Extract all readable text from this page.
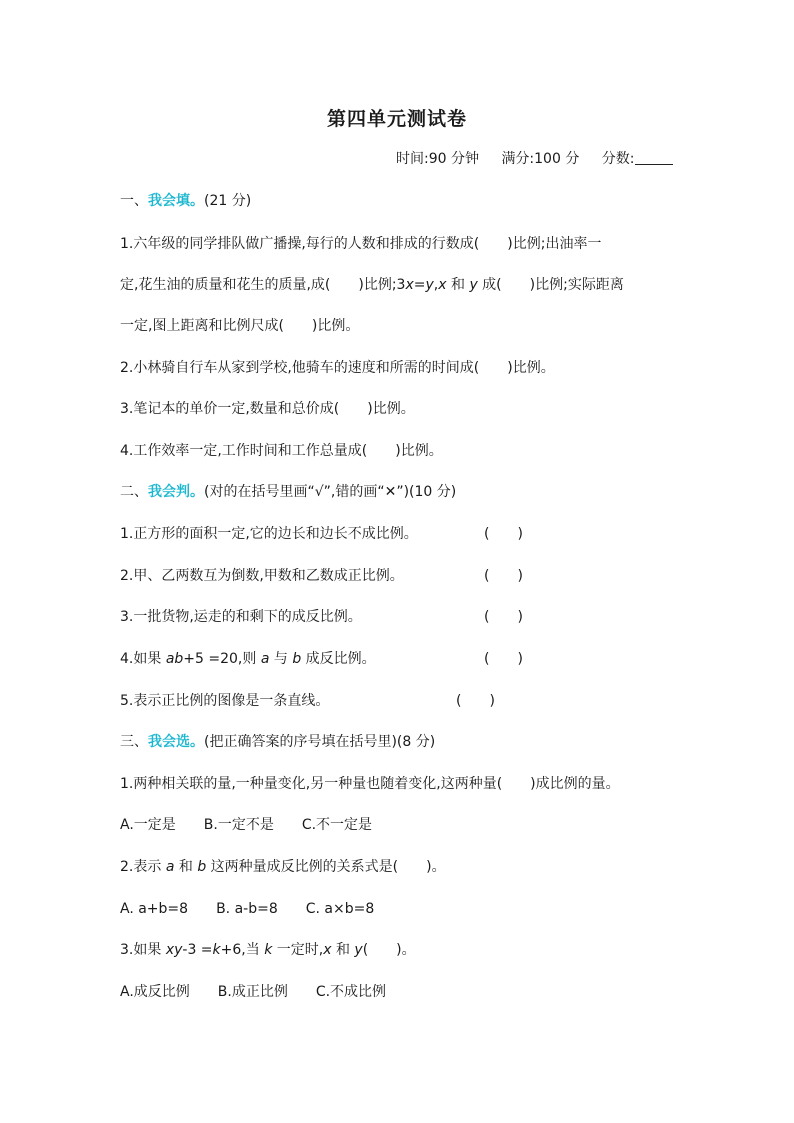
第四单元测试卷
时间:90 分钟 满分:100 分 分数:
一、我会填。(21 分)
1.六年级的同学排队做广播操,每行的人数和排成的行数成(　　)比例;出油率一
定,花生油的质量和花生的质量,成(　　)比例;3x=y,x 和 y 成(　　)比例;实际距离
一定,图上距离和比例尺成(　　)比例。
2.小林骑自行车从家到学校,他骑车的速度和所需的时间成(　　)比例。
3.笔记本的单价一定,数量和总价成(　　)比例。
4.工作效率一定,工作时间和工作总量成(　　)比例。
二、我会判。(对的在括号里画“√”,错的画“✕”)(10 分)
1.正方形的面积一定,它的边长和边长不成比例。	(　　)
2.甲、乙两数互为倒数,甲数和乙数成正比例。	(　　)
3.一批货物,运走的和剩下的成反比例。	(　　)
4.如果 ab+5 =20,则 a 与 b 成反比例。	(　　)
5.表示正比例的图像是一条直线。	(　　)
三、我会选。(把正确答案的序号填在括号里)(8 分)
1.两种相关联的量,一种量变化,另一种量也随着变化,这两种量(　　)成比例的量。
A.一定是　　B.一定不是　　C.不一定是
2.表示 a 和 b 这两种量成反比例的关系式是(　　)。
A. a+b=8　　B. a-b=8　　C. a×b=8
3.如果 xy-3 =k+6,当 k 一定时,x 和 y(　　)。
A.成反比例　　B.成正比例　　C.不成比例
